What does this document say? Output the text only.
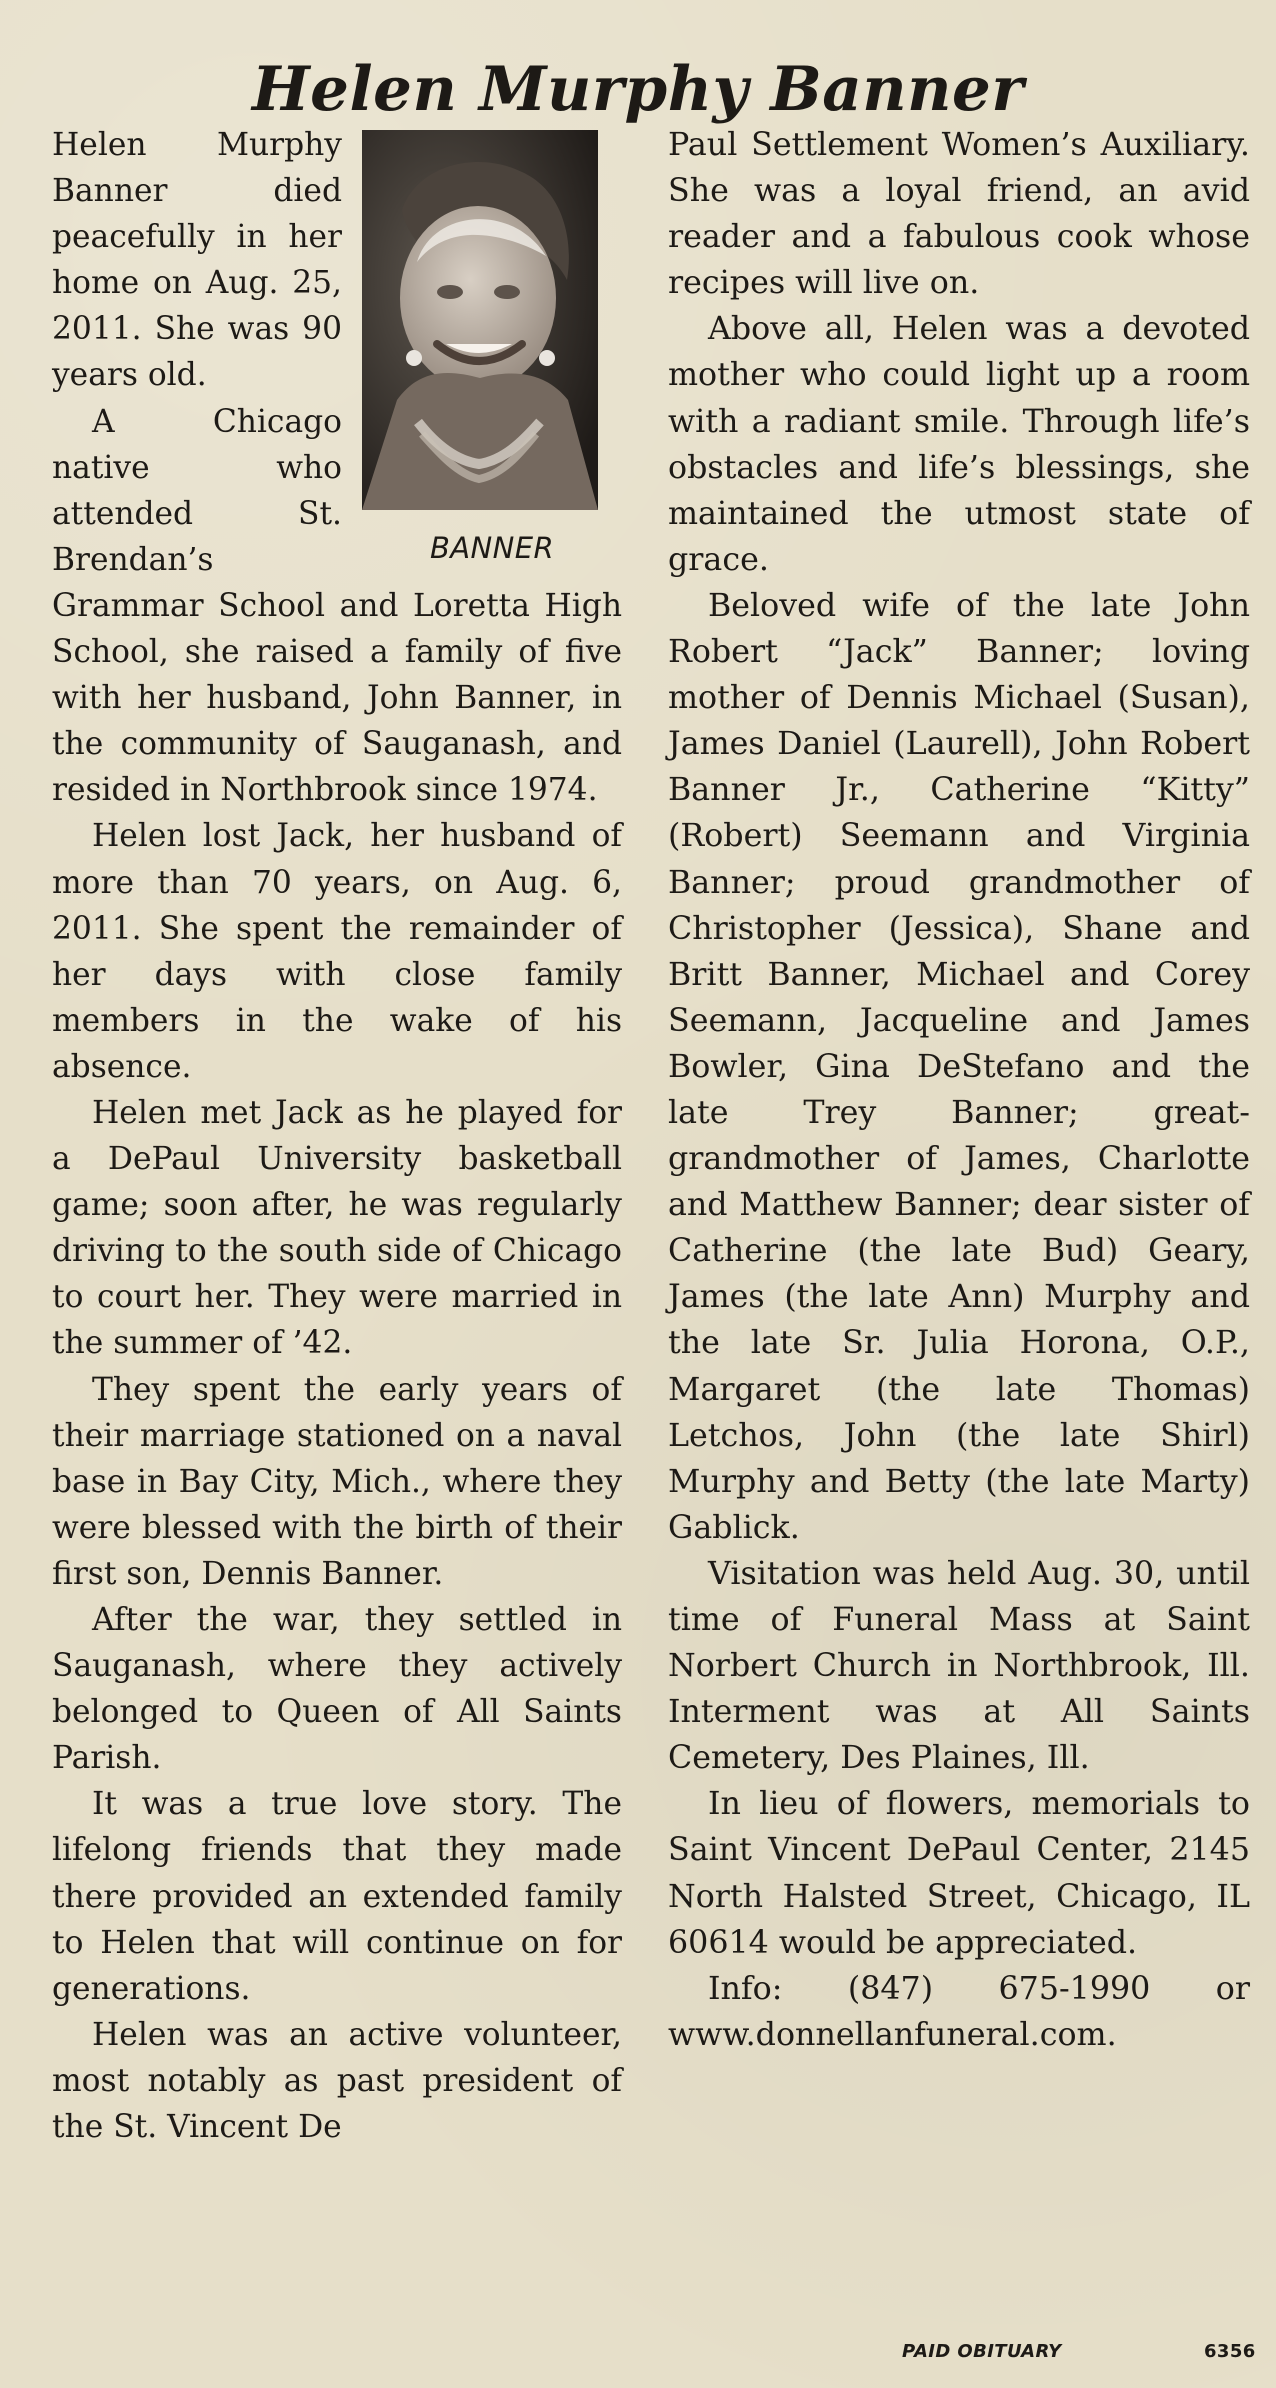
Helen Murphy Banner
BANNER

Helen Murphy Banner died peacefully in her home on Aug. 25, 2011. She was 90 years old.

A Chicago native who attended St. Brendan’s Grammar School and Loretta High School, she raised a family of five with her husband, John Banner, in the community of Sauganash, and resided in Northbrook since 1974.

Helen lost Jack, her husband of more than 70 years, on Aug. 6, 2011. She spent the remainder of her days with close family members in the wake of his absence.

Helen met Jack as he played for a DePaul University basketball game; soon after, he was regularly driving to the south side of Chicago to court her. They were married in the summer of ’42.

They spent the early years of their marriage stationed on a naval base in Bay City, Mich., where they were blessed with the birth of their first son, Dennis Banner.

After the war, they settled in Sauganash, where they actively belonged to Queen of All Saints Parish.

It was a true love story. The lifelong friends that they made there provided an extended family to Helen that will continue on for generations.

Helen was an active volunteer, most notably as past president of the St. Vincent De

Paul Settlement Women’s Auxiliary. She was a loyal friend, an avid reader and a fabulous cook whose recipes will live on.

Above all, Helen was a devoted mother who could light up a room with a radiant smile. Through life’s obstacles and life’s blessings, she maintained the utmost state of grace.

Beloved wife of the late John Robert “Jack” Banner; loving mother of Dennis Michael (Susan), James Daniel (Laurell), John Robert Banner Jr., Catherine “Kitty” (Robert) Seemann and Virginia Banner; proud grandmother of Christopher (Jessica), Shane and Britt Banner, Michael and Corey Seemann, Jacqueline and James Bowler, Gina DeStefano and the late Trey Banner; great-grandmother of James, Charlotte and Matthew Banner; dear sister of Catherine (the late Bud) Geary, James (the late Ann) Murphy and the late Sr. Julia Horona, O.P., Margaret (the late Thomas) Letchos, John (the late Shirl) Murphy and Betty (the late Marty) Gablick.

Visitation was held Aug. 30, until time of Funeral Mass at Saint Norbert Church in Northbrook, Ill. Interment was at All Saints Cemetery, Des Plaines, Ill.

In lieu of flowers, memorials to Saint Vincent DePaul Center, 2145 North Halsted Street, Chicago, IL 60614 would be appreciated.

Info: (847) 675-1990 or www.donnellanfuneral.com.

PAID OBITUARY	6356
